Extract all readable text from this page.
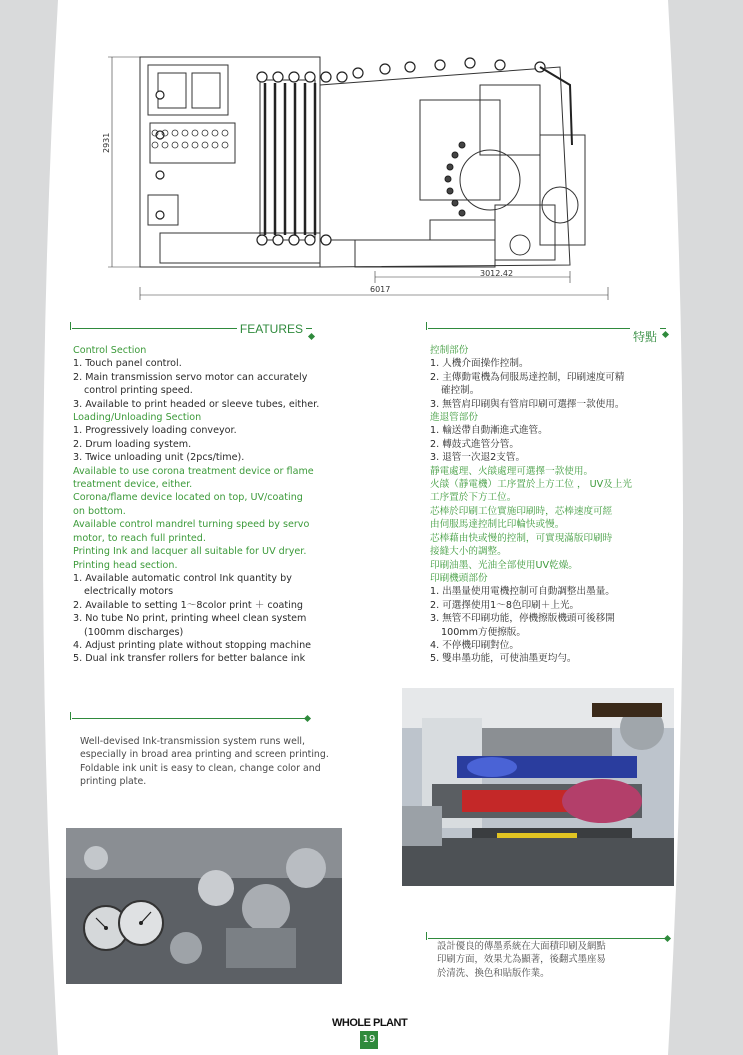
2931
6017
3012.42
FEATURES
Control Section
1. Touch panel control.
2. Main transmission servo motor can accurately
control printing speed.
3. Available to print headed or sleeve tubes, either.
Loading/Unloading Section
1. Progressively loading conveyor.
2. Drum loading system.
3. Twice unloading unit (2pcs/time).
Available to use corona treatment device or flame
treatment device, either.
Corona/flame device located on top, UV/coating
on bottom.
Available control mandrel turning speed by servo
motor, to reach full printed.
Printing Ink and lacquer all suitable for UV dryer.
Printing head section.
1. Available automatic control Ink quantity by
electrically motors
2. Available to setting 1～8color print ＋ coating
3. No tube No print, printing wheel clean system
(100mm discharges)
4. Adjust printing plate without stopping machine
5. Dual ink transfer rollers for better balance ink
特點
控制部份
1. 人機介面操作控制。
2. 主傳動電機為伺服馬達控制，印刷速度可精
確控制。
3. 無管肩印刷與有管肩印刷可選擇一款使用。
進退管部份
1. 輸送帶自動漸進式進管。
2. 轉鼓式進管分管。
3. 退管一次退2支管。
靜電處理、火燄處理可選擇一款使用。
火燄（靜電機）工序置於上方工位 ， UV及上光
工序置於下方工位。
芯棒於印刷工位實施印刷時，芯棒速度可經
由伺服馬達控制比印輪快或慢。
芯棒藉由快或慢的控制，可實現滿版印刷時
接縫大小的調整。
印刷油墨、光油全部使用UV乾燥。
印刷機頭部份
1. 出墨量使用電機控制可自動調整出墨量。
2. 可選擇使用1～8色印刷＋上光。
3. 無管不印刷功能，停機擦版機頭可後移開
100mm方便擦版。
4. 不停機印刷對位。
5. 雙串墨功能，可使油墨更均勻。
Well-devised Ink-transmission system runs well,
especially in broad area printing and screen printing.
Foldable ink unit is easy to clean, change color and
printing plate.
設計優良的傳墨系統在大面積印刷及網點
印刷方面，效果尤為顯著，後翻式墨座易
於清洗、換色和貼版作業。
WHOLE PLANT
19
